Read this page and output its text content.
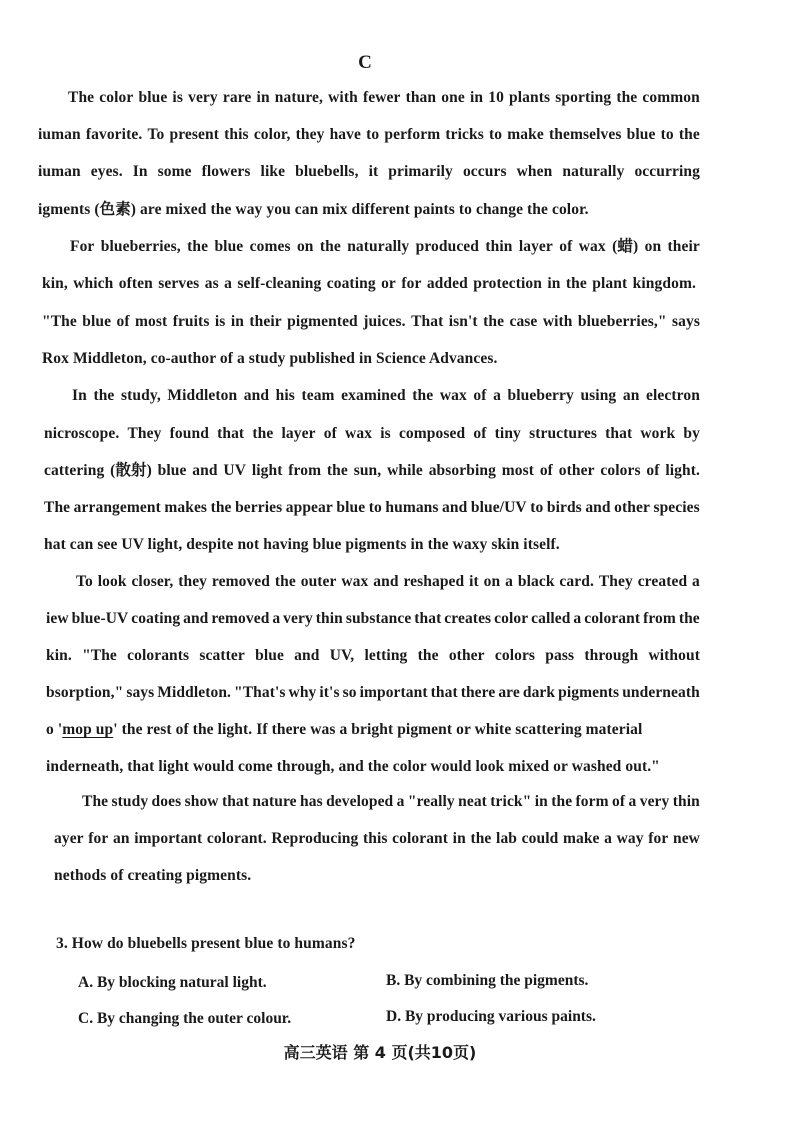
C
The color blue is very rare in nature, with fewer than one in 10 plants sporting the common
iuman favorite. To present this color, they have to perform tricks to make themselves blue to the
iuman eyes. In some flowers like bluebells, it primarily occurs when naturally occurring
igments (色素) are mixed the way you can mix different paints to change the color.
For blueberries, the blue comes on the naturally produced thin layer of wax (蜡) on their
kin, which often serves as a self-cleaning coating or for added protection in the plant kingdom.
"The blue of most fruits is in their pigmented juices. That isn't the case with blueberries," says
Rox Middleton, co-author of a study published in Science Advances.
In the study, Middleton and his team examined the wax of a blueberry using an electron
nicroscope. They found that the layer of wax is composed of tiny structures that work by
cattering (散射) blue and UV light from the sun, while absorbing most of other colors of light.
The arrangement makes the berries appear blue to humans and blue/UV to birds and other species
hat can see UV light, despite not having blue pigments in the waxy skin itself.
To look closer, they removed the outer wax and reshaped it on a black card. They created a
iew blue-UV coating and removed a very thin substance that creates color called a colorant from the
kin. "The colorants scatter blue and UV, letting the other colors pass through without
bsorption," says Middleton. "That's why it's so important that there are dark pigments underneath
o 'mop up' the rest of the light. If there was a bright pigment or white scattering material
inderneath, that light would come through, and the color would look mixed or washed out."
The study does show that nature has developed a "really neat trick" in the form of a very thin
ayer for an important colorant. Reproducing this colorant in the lab could make a way for new
nethods of creating pigments.
3. How do bluebells present blue to humans?
A. By blocking natural light.	B. By combining the pigments.
C. By changing the outer colour.	D. By producing various paints.
高三英语 第 4 页(共10页)
